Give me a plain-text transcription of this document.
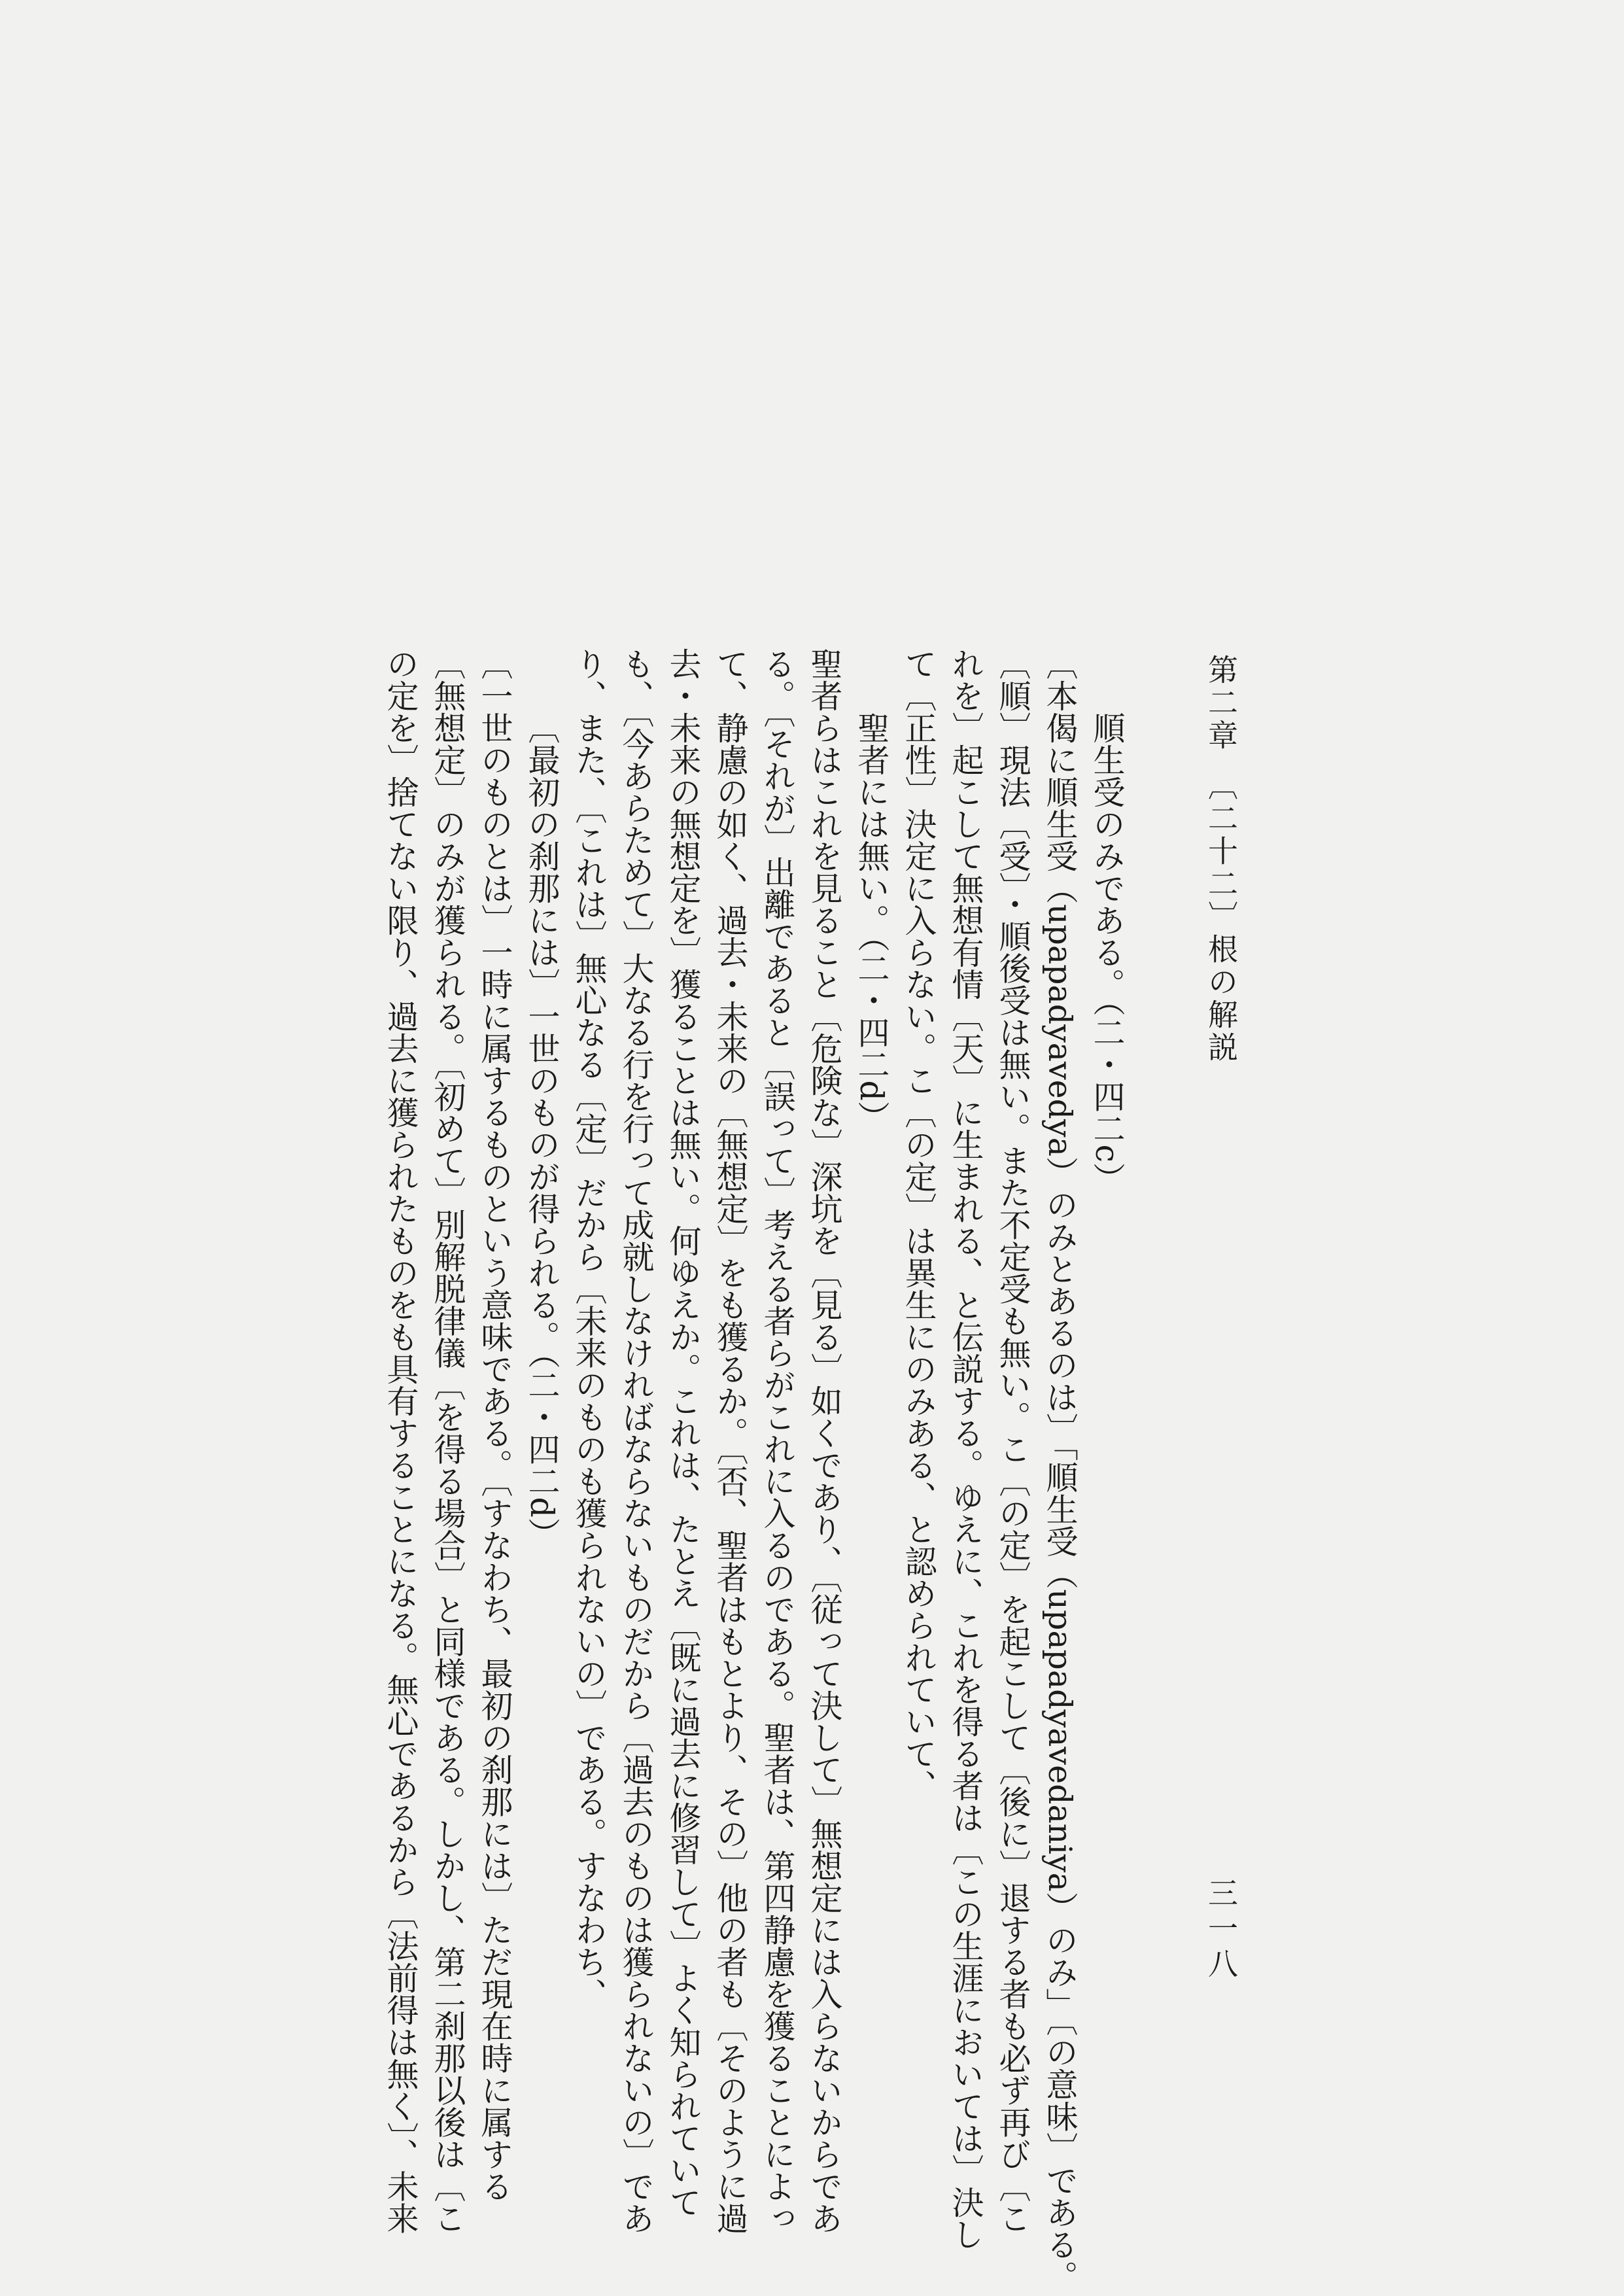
第二章　〔二十二〕根の解説
三一八
順生受のみである。（二・四二c）
〔本偈に順生受（upapadyavedya）のみとあるのは〕「順生受（upapadyavedaniya）のみ」〔の意味〕である。
〔順〕現法〔受〕・順後受は無い。また不定受も無い。こ〔の定〕を起こして〔後に〕退する者も必ず再び〔こ
れを〕起こして無想有情〔天〕に生まれる、と伝説する。ゆえに、これを得る者は〔この生涯においては〕決し
て〔正性〕決定に入らない。こ〔の定〕は異生にのみある、と認められていて、
聖者には無い。（二・四二d）
聖者らはこれを見ること〔危険な〕深坑を〔見る〕如くであり、〔従って決して〕無想定には入らないからであ
る。〔それが〕出離であると〔誤って〕考える者らがこれに入るのである。聖者は、第四静慮を獲ることによっ
て、静慮の如く、過去・未来の〔無想定〕をも獲るか。〔否、聖者はもとより、その〕他の者も〔そのように過
去・未来の無想定を〕獲ることは無い。何ゆえか。これは、たとえ〔既に過去に修習して〕よく知られていて
も、〔今あらためて〕大なる行を行って成就しなければならないものだから〔過去のものは獲られないの〕であ
り、また、〔これは〕無心なる〔定〕だから〔未来のものも獲られないの〕である。すなわち、
〔最初の刹那には〕一世のものが得られる。（二・四二d）
〔一世のものとは〕一時に属するものという意味である。〔すなわち、最初の刹那には〕ただ現在時に属する
〔無想定〕のみが獲られる。〔初めて〕別解脱律儀〔を得る場合〕と同様である。しかし、第二刹那以後は〔こ
の定を〕捨てない限り、過去に獲られたものをも具有することになる。無心であるから〔法前得は無く〕、未来
